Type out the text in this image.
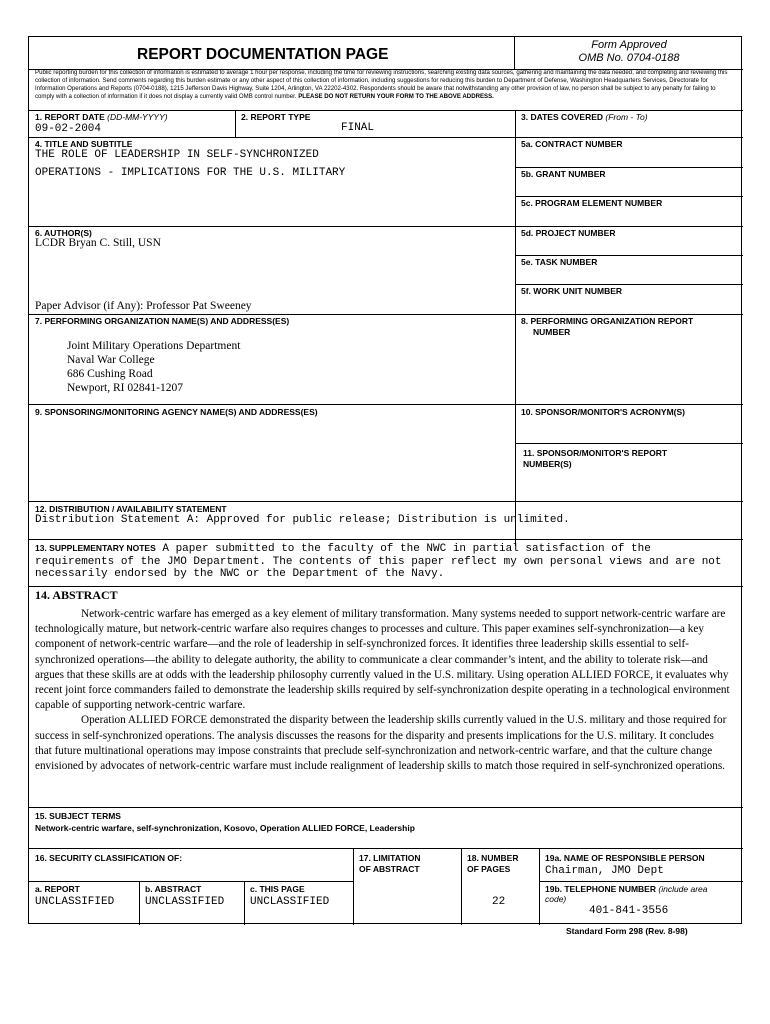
REPORT DOCUMENTATION PAGE
Form Approved
OMB No. 0704-0188
Public reporting burden for this collection of information is estimated to average 1 hour per response, including the time for reviewing instructions, searching existing data sources, gathering and maintaining the data needed, and completing and reviewing this collection of information. Send comments regarding this burden estimate or any other aspect of this collection of information, including suggestions for reducing this burden to Department of Defense, Washington Headquarters Services, Directorate for Information Operations and Reports (0704-0188), 1215 Jefferson Davis Highway, Suite 1204, Arlington, VA 22202-4302. Respondents should be aware that notwithstanding any other provision of law, no person shall be subject to any penalty for failing to comply with a collection of information if it does not display a currently valid OMB control number. PLEASE DO NOT RETURN YOUR FORM TO THE ABOVE ADDRESS.
1. REPORT DATE (DD-MM-YYYY)
09-02-2004
2. REPORT TYPE
FINAL
3. DATES COVERED (From - To)
4. TITLE AND SUBTITLE
THE ROLE OF LEADERSHIP IN SELF-SYNCHRONIZED
OPERATIONS - IMPLICATIONS FOR THE U.S. MILITARY
5a. CONTRACT NUMBER
5b. GRANT NUMBER
5c. PROGRAM ELEMENT NUMBER
6. AUTHOR(S)
LCDR Bryan C. Still, USN
5d. PROJECT NUMBER
5e. TASK NUMBER
5f. WORK UNIT NUMBER
Paper Advisor (if Any): Professor Pat Sweeney
7. PERFORMING ORGANIZATION NAME(S) AND ADDRESS(ES)
Joint Military Operations Department
Naval War College
686 Cushing Road
Newport, RI 02841-1207
8. PERFORMING ORGANIZATION REPORT
NUMBER
9. SPONSORING/MONITORING AGENCY NAME(S) AND ADDRESS(ES)	10. SPONSOR/MONITOR'S ACRONYM(S)
11. SPONSOR/MONITOR'S REPORT
NUMBER(S)
12. DISTRIBUTION / AVAILABILITY STATEMENT
Distribution Statement A: Approved for public release; Distribution is unlimited.
13. SUPPLEMENTARY NOTES A paper submitted to the faculty of the NWC in partial satisfaction of the requirements of the JMO Department. The contents of this paper reflect my own personal views and are not necessarily endorsed by the NWC or the Department of the Navy.
14. ABSTRACT

Network-centric warfare has emerged as a key element of military transformation. Many systems needed to support network-centric warfare are technologically mature, but network-centric warfare also requires changes to processes and culture. This paper examines self-synchronization—a key component of network-centric warfare—and the role of leadership in self-synchronized forces. It identifies three leadership skills essential to self-synchronized operations—the ability to delegate authority, the ability to communicate a clear commander’s intent, and the ability to tolerate risk—and argues that these skills are at odds with the leadership philosophy currently valued in the U.S. military. Using operation ALLIED FORCE, it evaluates why recent joint force commanders failed to demonstrate the leadership skills required by self-synchronization despite operating in a technological environment capable of supporting network-centric warfare.

Operation ALLIED FORCE demonstrated the disparity between the leadership skills currently valued in the U.S. military and those required for success in self-synchronized operations. The analysis discusses the reasons for the disparity and presents implications for the U.S. military. It concludes that future multinational operations may impose constraints that preclude self-synchronization and network-centric warfare, and that the culture change envisioned by advocates of network-centric warfare must include realignment of leadership skills to match those required in self-synchronized operations.

15. SUBJECT TERMS
Network-centric warfare, self-synchronization, Kosovo, Operation ALLIED FORCE, Leadership
16. SECURITY CLASSIFICATION OF:	17. LIMITATION
OF ABSTRACT
18. NUMBER
OF PAGES
22
19a. NAME OF RESPONSIBLE PERSON
Chairman, JMO Dept
a. REPORT
UNCLASSIFIED
b. ABSTRACT
UNCLASSIFIED
c. THIS PAGE
UNCLASSIFIED
19b. TELEPHONE NUMBER (include area
code)
401-841-3556
Standard Form 298 (Rev. 8-98)
